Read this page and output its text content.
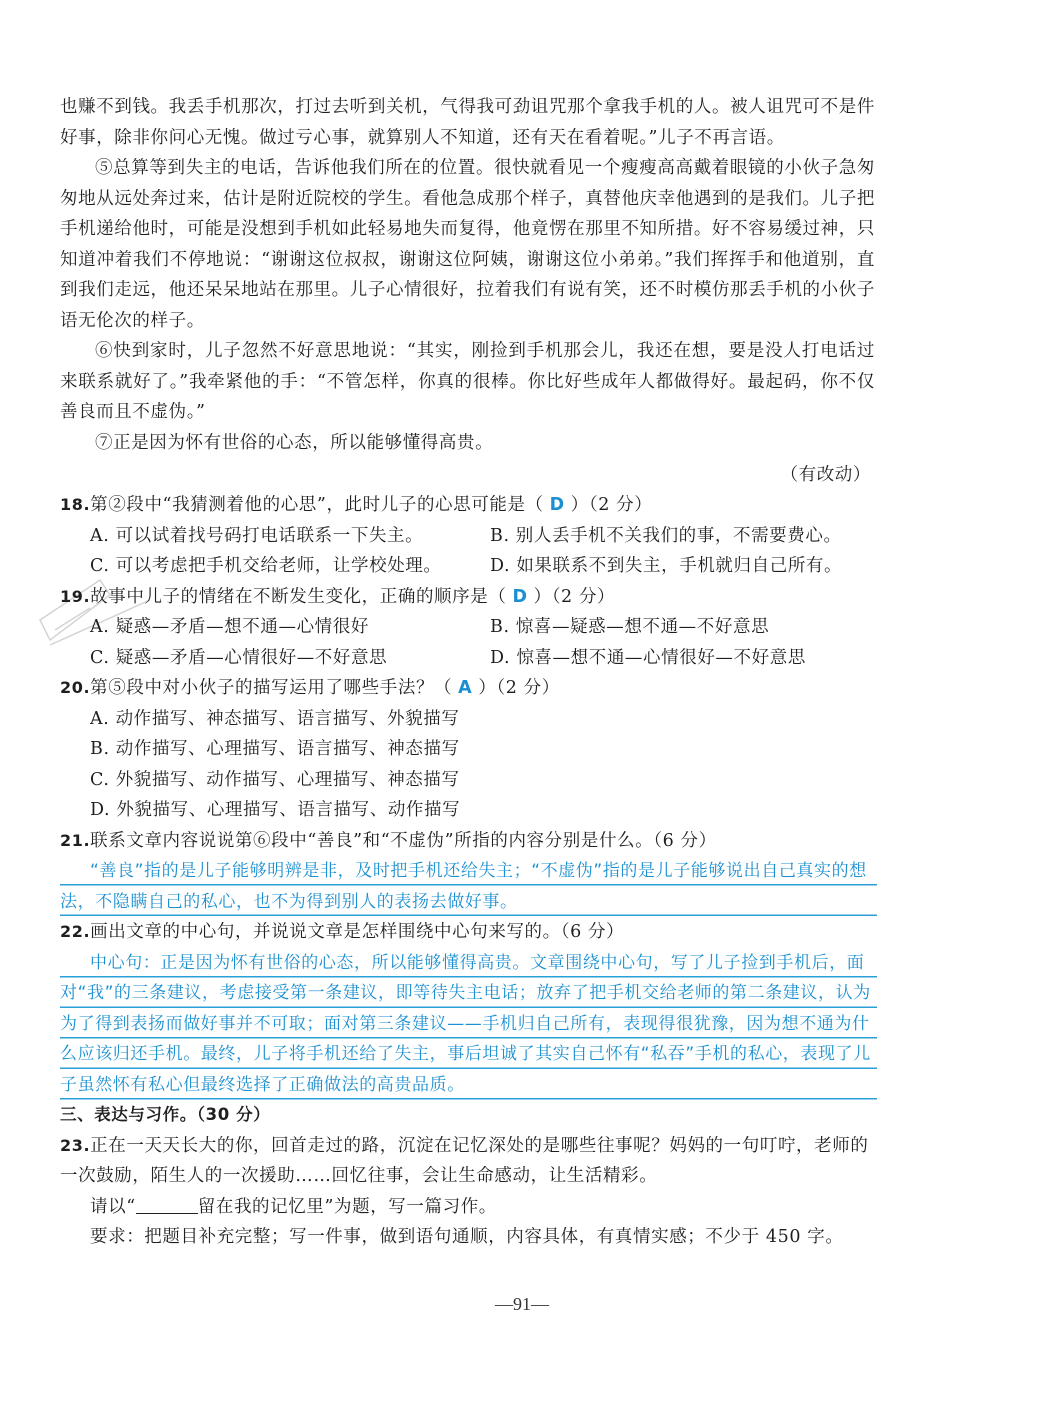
也赚不到钱。我丢手机那次，打过去听到关机，气得我可劲诅咒那个拿我手机的人。被人诅咒可不是件好事，除非你问心无愧。做过亏心事，就算别人不知道，还有天在看着呢。”儿子不再言语。

⑤总算等到失主的电话，告诉他我们所在的位置。很快就看见一个瘦瘦高高戴着眼镜的小伙子急匆匆地从远处奔过来，估计是附近院校的学生。看他急成那个样子，真替他庆幸他遇到的是我们。儿子把手机递给他时，可能是没想到手机如此轻易地失而复得，他竟愣在那里不知所措。好不容易缓过神，只知道冲着我们不停地说：“谢谢这位叔叔，谢谢这位阿姨，谢谢这位小弟弟。”我们挥挥手和他道别，直到我们走远，他还呆呆地站在那里。儿子心情很好，拉着我们有说有笑，还不时模仿那丢手机的小伙子语无伦次的样子。

⑥快到家时，儿子忽然不好意思地说：“其实，刚捡到手机那会儿，我还在想，要是没人打电话过来联系就好了。”我牵紧他的手：“不管怎样，你真的很棒。你比好些成年人都做得好。最起码，你不仅善良而且不虚伪。”

⑦正是因为怀有世俗的心态，所以能够懂得高贵。

（有改动）

18.第②段中“我猜测着他的心思”，此时儿子的心思可能是（ D ）（2 分）
A. 可以试着找号码打电话联系一下失主。	B. 别人丢手机不关我们的事，不需要费心。
C. 可以考虑把手机交给老师，让学校处理。	D. 如果联系不到失主，手机就归自己所有。
19.故事中儿子的情绪在不断发生变化，正确的顺序是（ D ）（2 分）
A. 疑惑—矛盾—想不通—心情很好	B. 惊喜—疑惑—想不通—不好意思
C. 疑惑—矛盾—心情很好—不好意思	D. 惊喜—想不通—心情很好—不好意思
20.第⑤段中对小伙子的描写运用了哪些手法？（ A ）（2 分）
A. 动作描写、神态描写、语言描写、外貌描写
B. 动作描写、心理描写、语言描写、神态描写
C. 外貌描写、动作描写、心理描写、神态描写
D. 外貌描写、心理描写、语言描写、动作描写
21.联系文章内容说说第⑥段中“善良”和“不虚伪”所指的内容分别是什么。（6 分）

“善良”指的是儿子能够明辨是非，及时把手机还给失主；“不虚伪”指的是儿子能够说出自己真实的想法，不隐瞒自己的私心，也不为得到别人的表扬去做好事。

22.画出文章的中心句，并说说文章是怎样围绕中心句来写的。（6 分）

中心句：正是因为怀有世俗的心态，所以能够懂得高贵。文章围绕中心句，写了儿子捡到手机后，面对“我”的三条建议，考虑接受第一条建议，即等待失主电话；放弃了把手机交给老师的第二条建议，认为为了得到表扬而做好事并不可取；面对第三条建议——手机归自己所有，表现得很犹豫，因为想不通为什么应该归还手机。最终，儿子将手机还给了失主，事后坦诚了其实自己怀有“私吞”手机的私心，表现了儿子虽然怀有私心但最终选择了正确做法的高贵品质。

三、表达与习作。（30 分）
23.正在一天天长大的你，回首走过的路，沉淀在记忆深处的是哪些往事呢？妈妈的一句叮咛，老师的一次鼓励，陌生人的一次援助……回忆往事，会让生命感动，让生活精彩。
请以“	留在我的记忆里”为题，写一篇习作。
要求：把题目补充完整；写一件事，做到语句通顺，内容具体，有真情实感；不少于 450 字。
—91—
